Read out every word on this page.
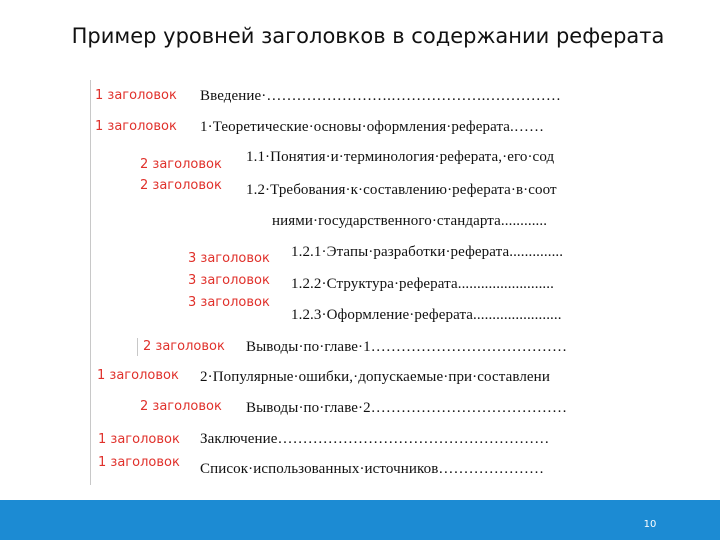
Пример уровней заголовков в содержании реферата
1 заголовок
1 заголовок
2 заголовок
2 заголовок
3 заголовок
3 заголовок
3 заголовок
2 заголовок
1 заголовок
2 заголовок
1 заголовок
1 заголовок
Введение·…………………….……………….……………
1·Теоретические·основы·оформления·реферата.……
1.1·Понятия·и·терминология·реферата,·его·сод
1.2·Требования·к·составлению·реферата·в·соот
ниями·государственного·стандарта............
1.2.1·Этапы·разработки·реферата..............
1.2.2·Структура·реферата.........................
1.2.3·Оформление·реферата.......................
Выводы·по·главе·1…………………………………
2·Популярные·ошибки,·допускаемые·при·составлени
Выводы·по·главе·2…………………………………
Заключение………………………………………………
Список·использованных·источников…………………
10
